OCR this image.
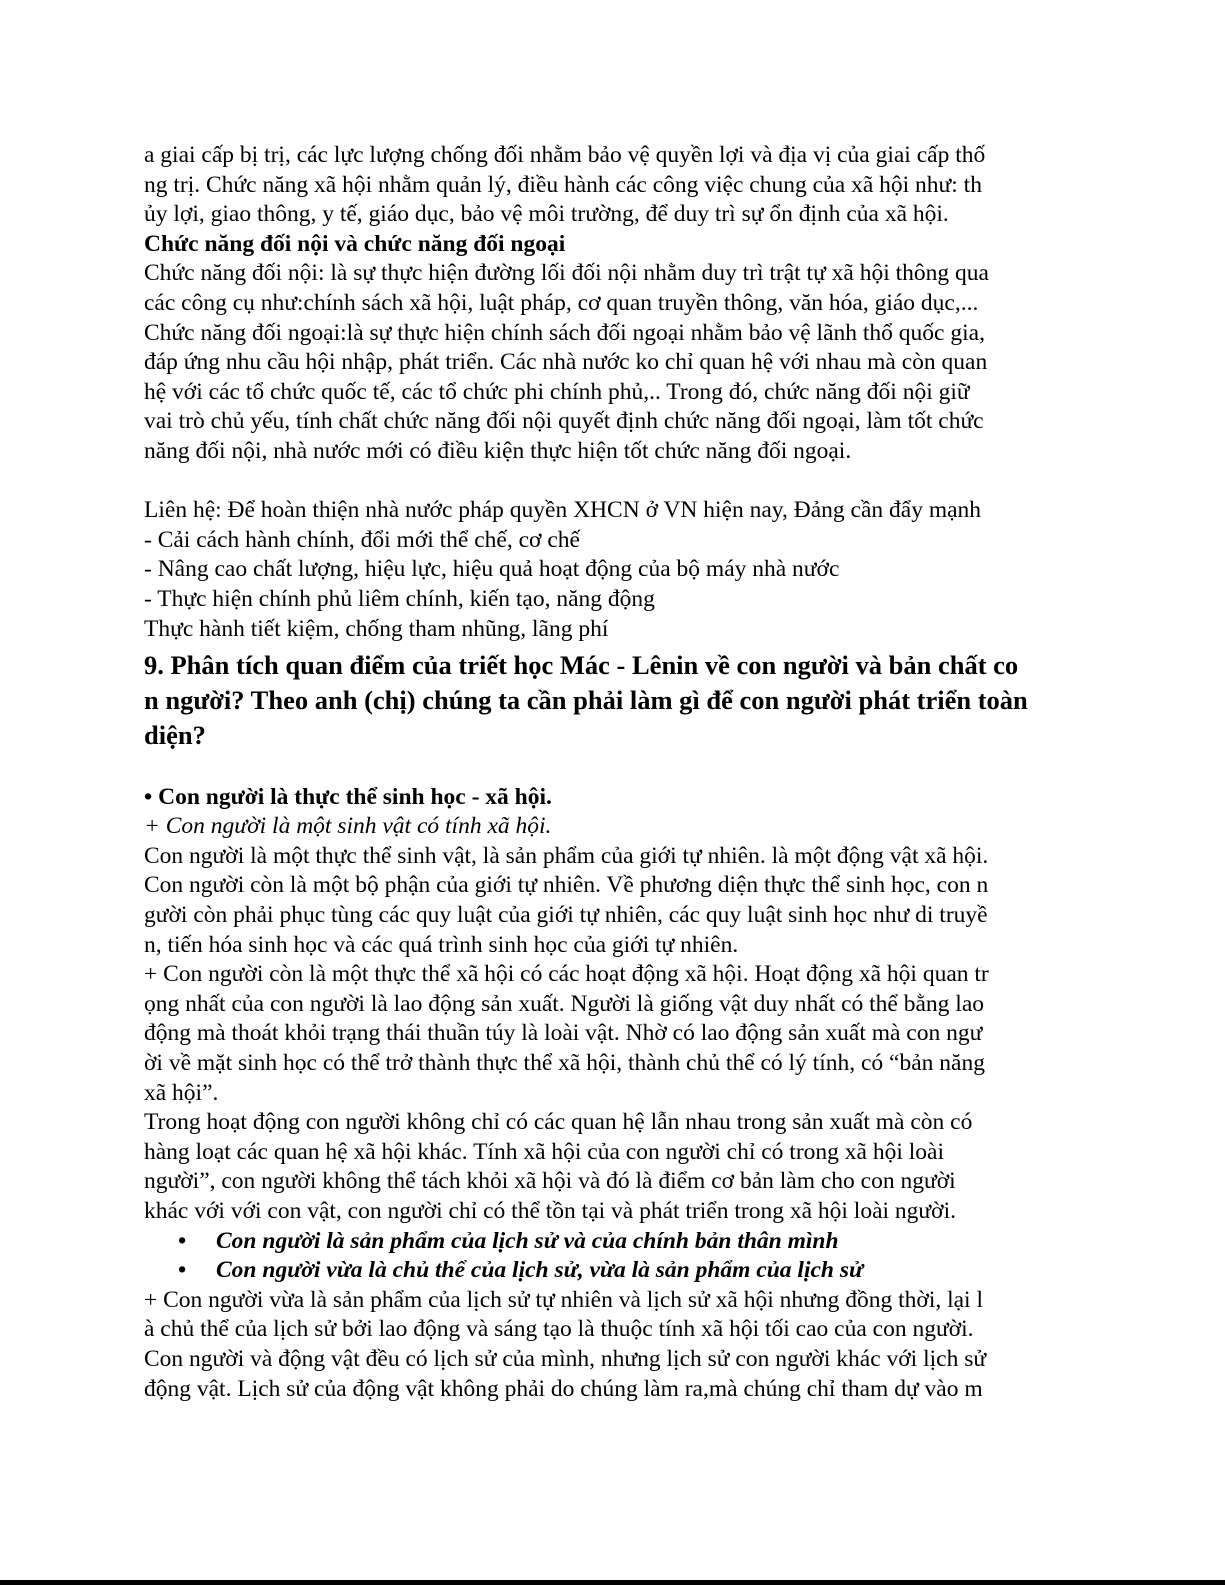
a giai cấp bị trị, các lực lượng chống đối nhằm bảo vệ quyền lợi và địa vị của giai cấp thố
ng trị. Chức năng xã hội nhằm quản lý, điều hành các công việc chung của xã hội như: th
ủy lợi, giao thông, y tế, giáo dục, bảo vệ môi trường, để duy trì sự ổn định của xã hội.
Chức năng đối nội và chức năng đối ngoại
Chức năng đối nội: là sự thực hiện đường lối đối nội nhằm duy trì trật tự xã hội thông qua
các công cụ như:chính sách xã hội, luật pháp, cơ quan truyền thông, văn hóa, giáo dục,...
Chức năng đối ngoại:là sự thực hiện chính sách đối ngoại nhằm bảo vệ lãnh thổ quốc gia,
đáp ứng nhu cầu hội nhập, phát triển. Các nhà nước ko chỉ quan hệ với nhau mà còn quan
hệ với các tổ chức quốc tế, các tổ chức phi chính phủ,.. Trong đó, chức năng đối nội giữ
vai trò chủ yếu, tính chất chức năng đối nội quyết định chức năng đối ngoại, làm tốt chức
năng đối nội, nhà nước mới có điều kiện thực hiện tốt chức năng đối ngoại.
Liên hệ: Để hoàn thiện nhà nước pháp quyền XHCN ở VN hiện nay, Đảng cần đẩy mạnh
- Cải cách hành chính, đổi mới thể chế, cơ chế
- Nâng cao chất lượng, hiệu lực, hiệu quả hoạt động của bộ máy nhà nước
- Thực hiện chính phủ liêm chính, kiến tạo, năng động
Thực hành tiết kiệm, chống tham nhũng, lãng phí
9. Phân tích quan điểm của triết học Mác - Lênin về con người và bản chất co
n người? Theo anh (chị) chúng ta cần phải làm gì để con người phát triển toàn
diện?
• Con người là thực thể sinh học - xã hội.
+ Con người là một sinh vật có tính xã hội.
Con người là một thực thể sinh vật, là sản phẩm của giới tự nhiên. là một động vật xã hội.
Con người còn là một bộ phận của giới tự nhiên. Về phương diện thực thể sinh học, con n
gười còn phải phục tùng các quy luật của giới tự nhiên, các quy luật sinh học như di truyề
n, tiến hóa sinh học và các quá trình sinh học của giới tự nhiên.
+ Con người còn là một thực thể xã hội có các hoạt động xã hội. Hoạt động xã hội quan tr
ọng nhất của con người là lao động sản xuất. Người là giống vật duy nhất có thể bằng lao
động mà thoát khỏi trạng thái thuần túy là loài vật. Nhờ có lao động sản xuất mà con ngư
ời về mặt sinh học có thể trở thành thực thể xã hội, thành chủ thể có lý tính, có “bản năng
xã hội”.
Trong hoạt động con người không chỉ có các quan hệ lẫn nhau trong sản xuất mà còn có
hàng loạt các quan hệ xã hội khác. Tính xã hội của con người chỉ có trong xã hội loài
người”, con người không thể tách khỏi xã hội và đó là điểm cơ bản làm cho con người
khác với với con vật, con người chỉ có thể tồn tại và phát triển trong xã hội loài người.
• Con người là sản phẩm của lịch sử và của chính bản thân mình
• Con người vừa là chủ thể của lịch sử, vừa là sản phẩm của lịch sử
+ Con người vừa là sản phẩm của lịch sử tự nhiên và lịch sử xã hội nhưng đồng thời, lại l
à chủ thể của lịch sử bởi lao động và sáng tạo là thuộc tính xã hội tối cao của con người.
Con người và động vật đều có lịch sử của mình, nhưng lịch sử con người khác với lịch sử
động vật. Lịch sử của động vật không phải do chúng làm ra,mà chúng chỉ tham dự vào m
